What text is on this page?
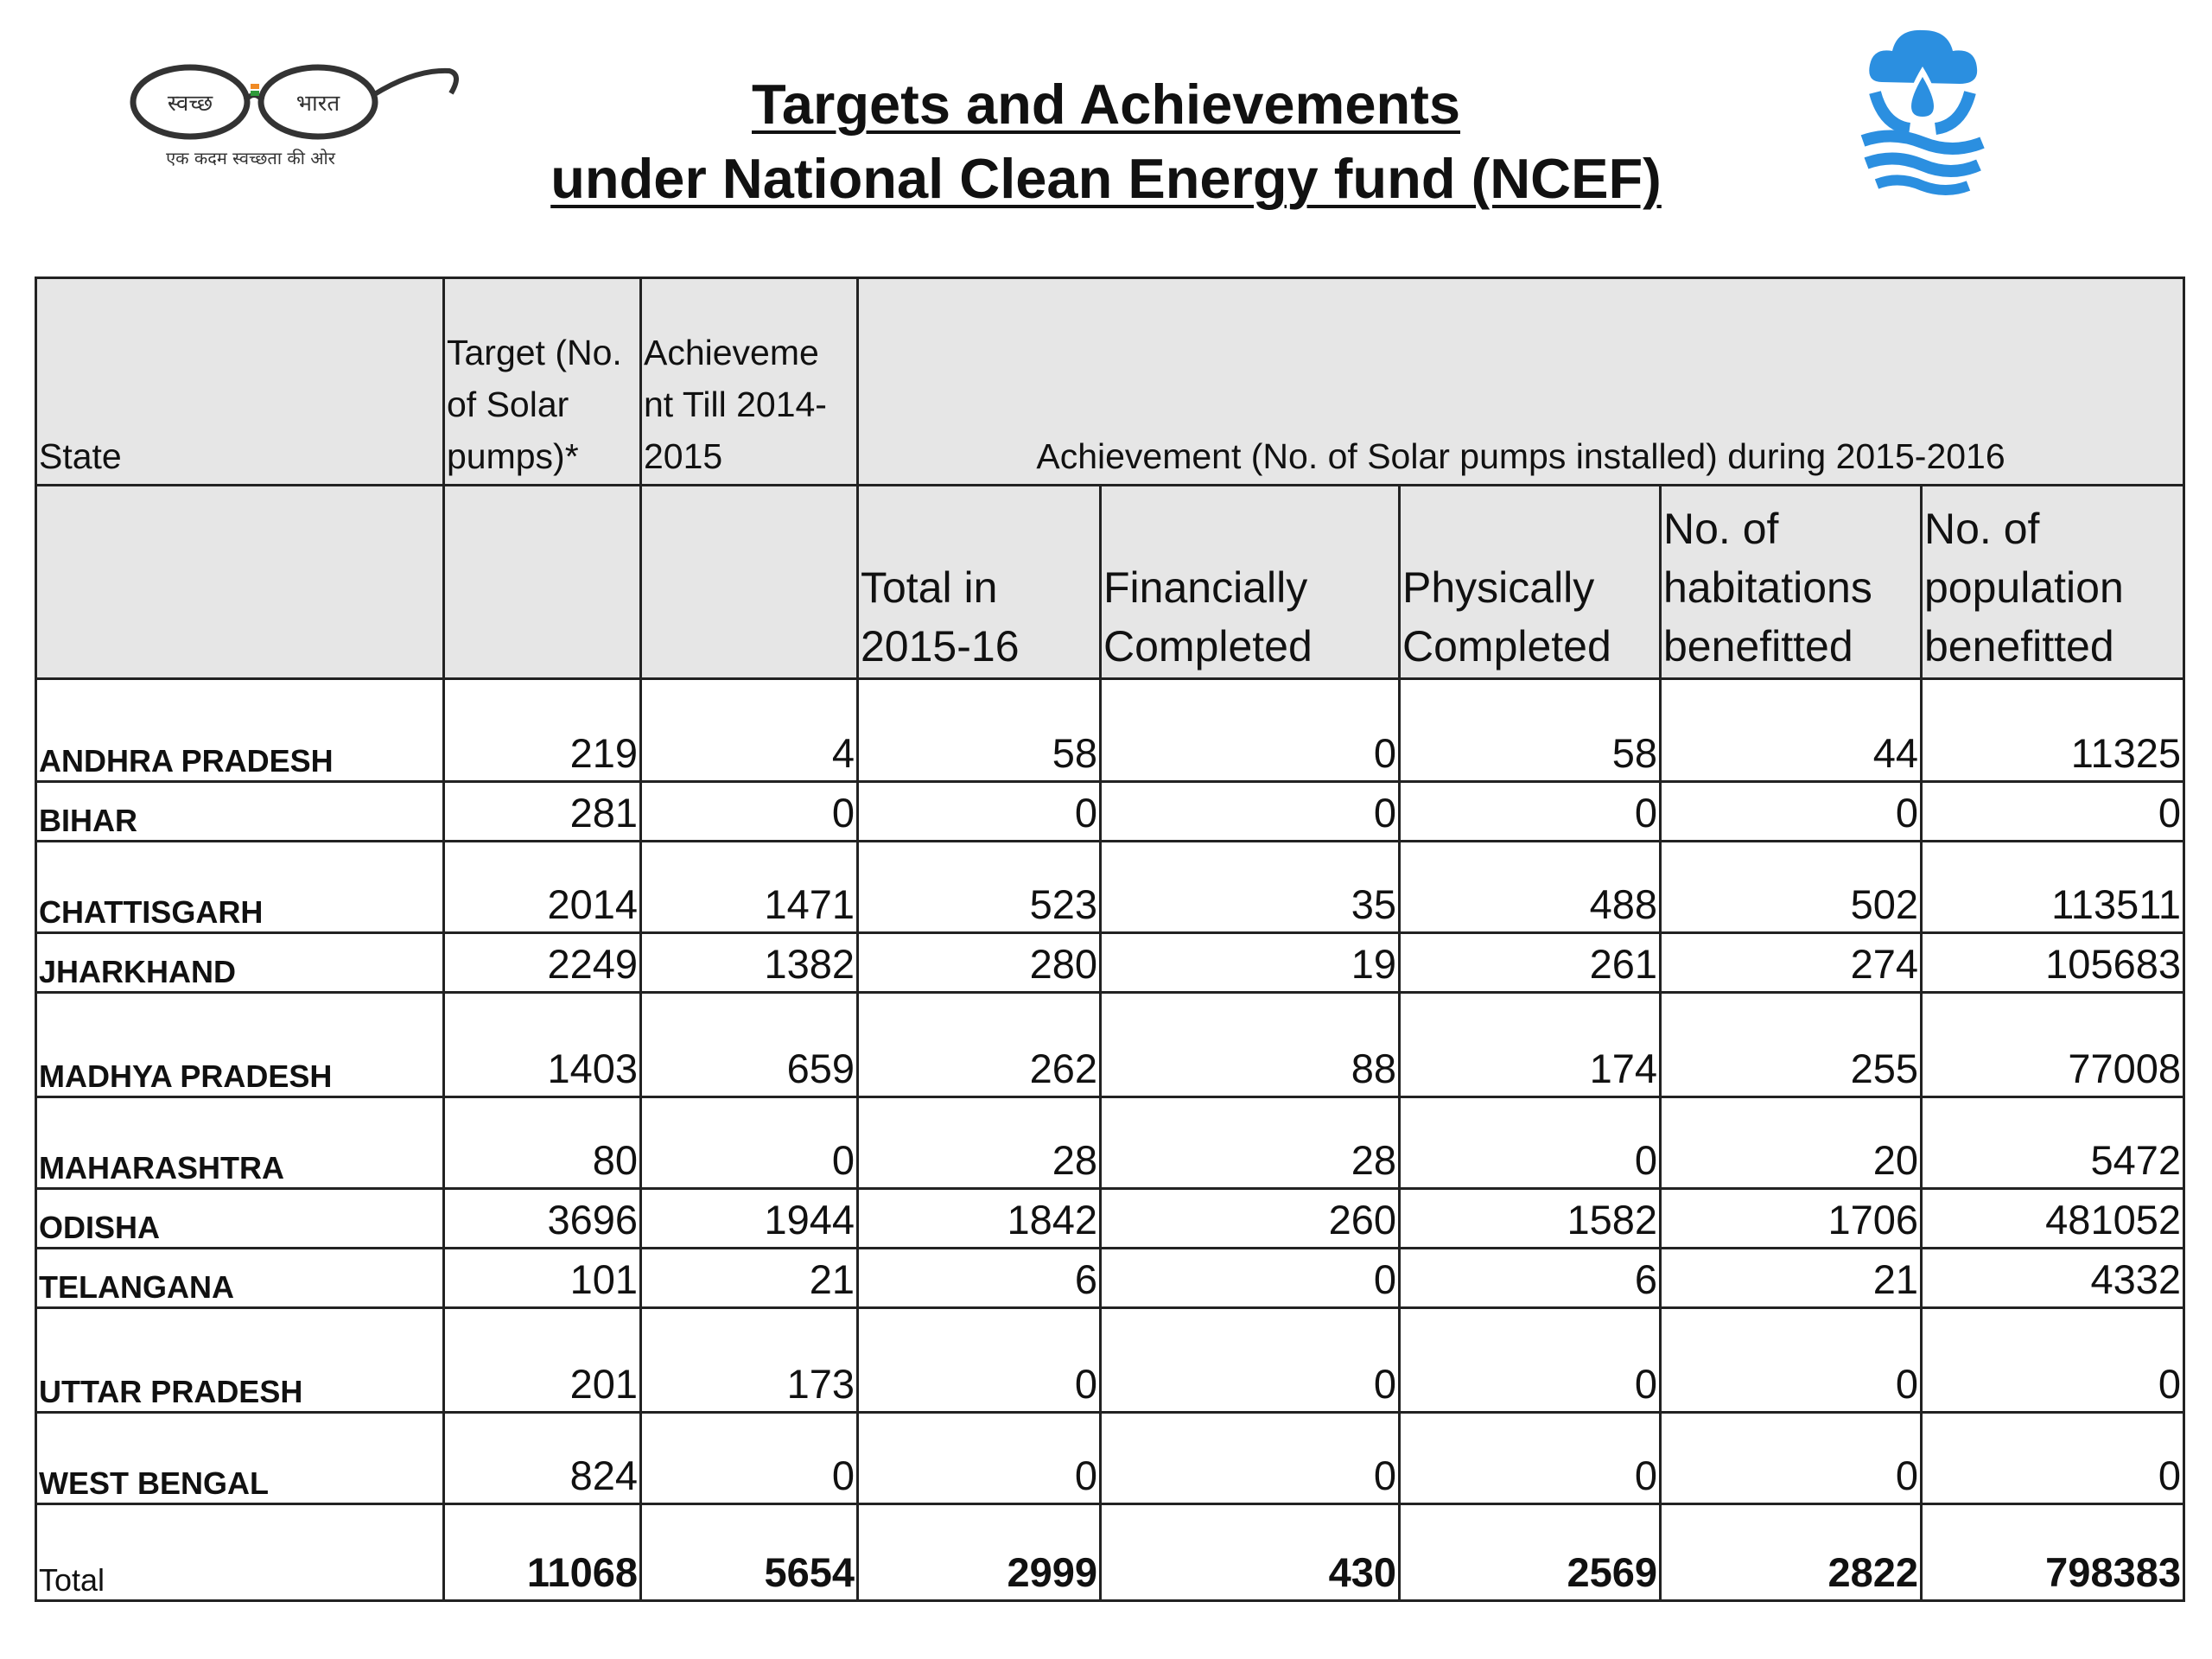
स्वच्छ	भारत
एक कदम स्वच्छता की ओर
Targets and Achievements
under National Clean Energy fund (NCEF)
State	Target (No. of Solar pumps)*	Achieveme nt Till 2014-2015	Achievement (No. of Solar pumps installed) during 2015-2016				
			Total in 2015-16	Financially Completed	Physically Completed	No. of habitations benefitted	No. of population benefitted
ANDHRA PRADESH	219	4	58	0	58	44	11325
BIHAR	281	0	0	0	0	0	0
CHATTISGARH	2014	1471	523	35	488	502	113511
JHARKHAND	2249	1382	280	19	261	274	105683
MADHYA PRADESH	1403	659	262	88	174	255	77008
MAHARASHTRA	80	0	28	28	0	20	5472
ODISHA	3696	1944	1842	260	1582	1706	481052
TELANGANA	101	21	6	0	6	21	4332
UTTAR PRADESH	201	173	0	0	0	0	0
WEST BENGAL	824	0	0	0	0	0	0
Total	11068	5654	2999	430	2569	2822	798383
